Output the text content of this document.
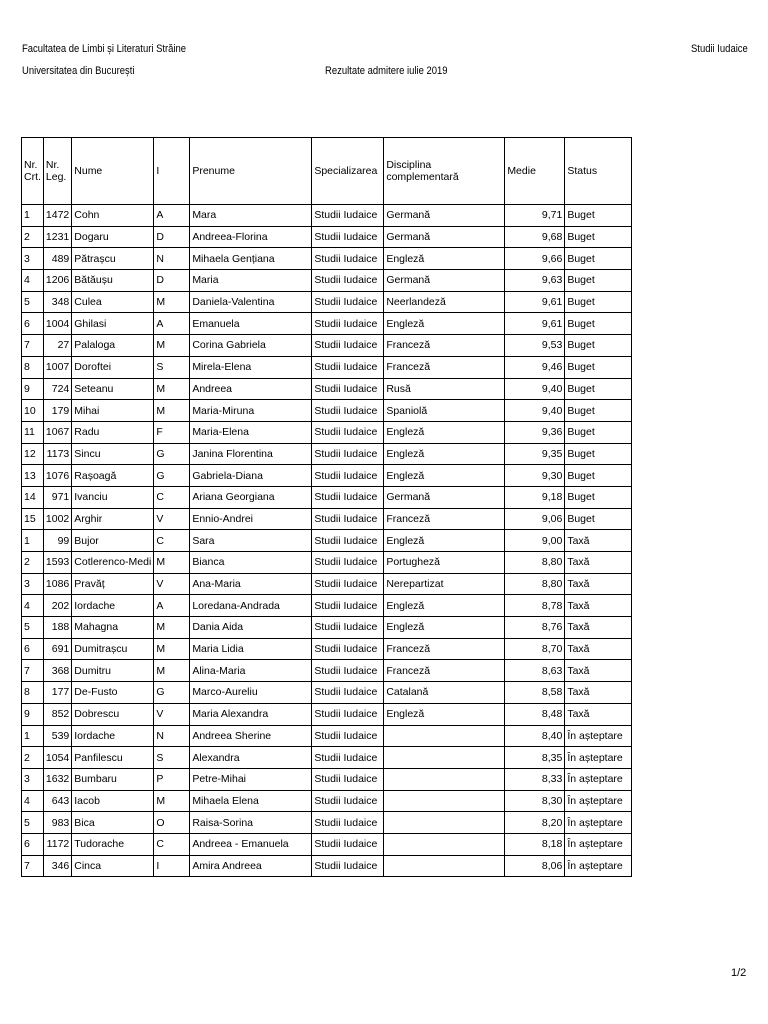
Facultatea de Limbi și Literaturi Străine
Universitatea din București	Rezultate admitere iulie 2019
Studii Iudaice
Nr. Crt.	Nr. Leg.	Nume	I	Prenume	Specializarea	Disciplina complementară	Medie	Status
1	1472	Cohn	A	Mara	Studii Iudaice	Germană	9,71	Buget
2	1231	Dogaru	D	Andreea-Florina	Studii Iudaice	Germană	9,68	Buget
3	489	Pătrașcu	N	Mihaela Gențiana	Studii Iudaice	Engleză	9,66	Buget
4	1206	Bătăușu	D	Maria	Studii Iudaice	Germană	9,63	Buget
5	348	Culea	M	Daniela-Valentina	Studii Iudaice	Neerlandeză	9,61	Buget
6	1004	Ghilasi	A	Emanuela	Studii Iudaice	Engleză	9,61	Buget
7	27	Palaloga	M	Corina Gabriela	Studii Iudaice	Franceză	9,53	Buget
8	1007	Doroftei	S	Mirela-Elena	Studii Iudaice	Franceză	9,46	Buget
9	724	Seteanu	M	Andreea	Studii Iudaice	Rusă	9,40	Buget
10	179	Mihai	M	Maria-Miruna	Studii Iudaice	Spaniolă	9,40	Buget
11	1067	Radu	F	Maria-Elena	Studii Iudaice	Engleză	9,36	Buget
12	1173	Sincu	G	Janina Florentina	Studii Iudaice	Engleză	9,35	Buget
13	1076	Rașoagă	G	Gabriela-Diana	Studii Iudaice	Engleză	9,30	Buget
14	971	Ivanciu	C	Ariana Georgiana	Studii Iudaice	Germană	9,18	Buget
15	1002	Arghir	V	Ennio-Andrei	Studii Iudaice	Franceză	9,06	Buget
1	99	Bujor	C	Sara	Studii Iudaice	Engleză	9,00	Taxă
2	1593	Cotlerenco-Medi	M	Bianca	Studii Iudaice	Portugheză	8,80	Taxă
3	1086	Pravăț	V	Ana-Maria	Studii Iudaice	Nerepartizat	8,80	Taxă
4	202	Iordache	A	Loredana-Andrada	Studii Iudaice	Engleză	8,78	Taxă
5	188	Mahagna	M	Dania Aida	Studii Iudaice	Engleză	8,76	Taxă
6	691	Dumitrașcu	M	Maria Lidia	Studii Iudaice	Franceză	8,70	Taxă
7	368	Dumitru	M	Alina-Maria	Studii Iudaice	Franceză	8,63	Taxă
8	177	De-Fusto	G	Marco-Aureliu	Studii Iudaice	Catalană	8,58	Taxă
9	852	Dobrescu	V	Maria Alexandra	Studii Iudaice	Engleză	8,48	Taxă
1	539	Iordache	N	Andreea Sherine	Studii Iudaice		8,40	În așteptare
2	1054	Panfilescu	S	Alexandra	Studii Iudaice		8,35	În așteptare
3	1632	Bumbaru	P	Petre-Mihai	Studii Iudaice		8,33	În așteptare
4	643	Iacob	M	Mihaela Elena	Studii Iudaice		8,30	În așteptare
5	983	Bica	O	Raisa-Sorina	Studii Iudaice		8,20	În așteptare
6	1172	Tudorache	C	Andreea - Emanuela	Studii Iudaice		8,18	În așteptare
7	346	Cinca	I	Amira Andreea	Studii Iudaice		8,06	În așteptare
1/2
